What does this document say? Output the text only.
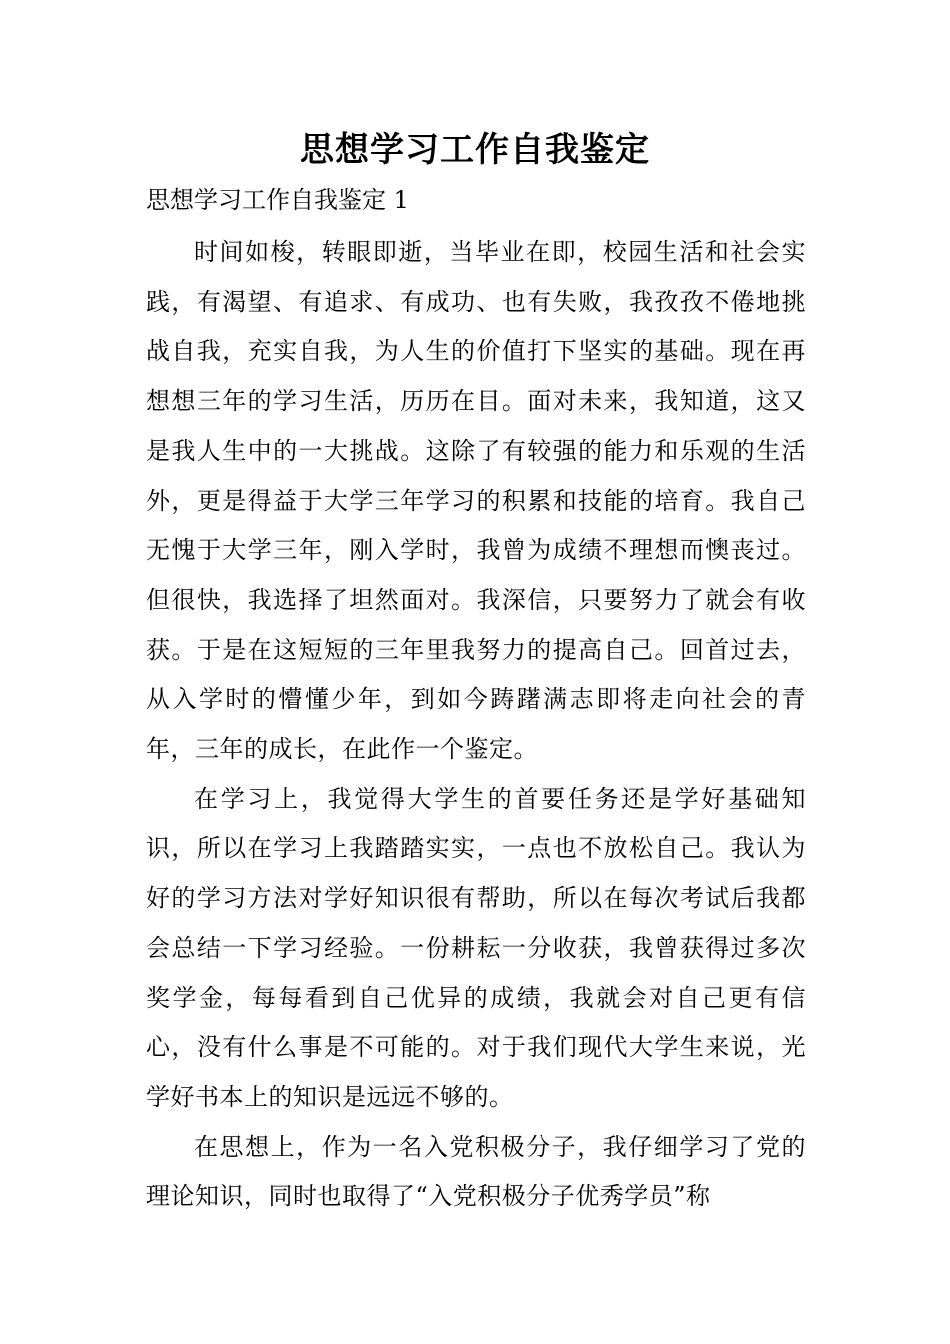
思想学习工作自我鉴定
思想学习工作自我鉴定 1

时间如梭，转眼即逝，当毕业在即，校园生活和社会实践，有渴望、有追求、有成功、也有失败，我孜孜不倦地挑战自我，充实自我，为人生的价值打下坚实的基础。现在再想想三年的学习生活，历历在目。面对未来，我知道，这又是我人生中的一大挑战。这除了有较强的能力和乐观的生活外，更是得益于大学三年学习的积累和技能的培育。我自己无愧于大学三年，刚入学时，我曾为成绩不理想而懊丧过。但很快，我选择了坦然面对。我深信，只要努力了就会有收获。于是在这短短的三年里我努力的提高自己。回首过去，从入学时的懵懂少年，到如今踌躇满志即将走向社会的青年，三年的成长，在此作一个鉴定。

在学习上，我觉得大学生的首要任务还是学好基础知识，所以在学习上我踏踏实实，一点也不放松自己。我认为好的学习方法对学好知识很有帮助，所以在每次考试后我都会总结一下学习经验。一份耕耘一分收获，我曾获得过多次奖学金，每每看到自己优异的成绩，我就会对自己更有信心，没有什么事是不可能的。对于我们现代大学生来说，光学好书本上的知识是远远不够的。

在思想上，作为一名入党积极分子，我仔细学习了党的理论知识，同时也取得了“入党积极分子优秀学员”称
